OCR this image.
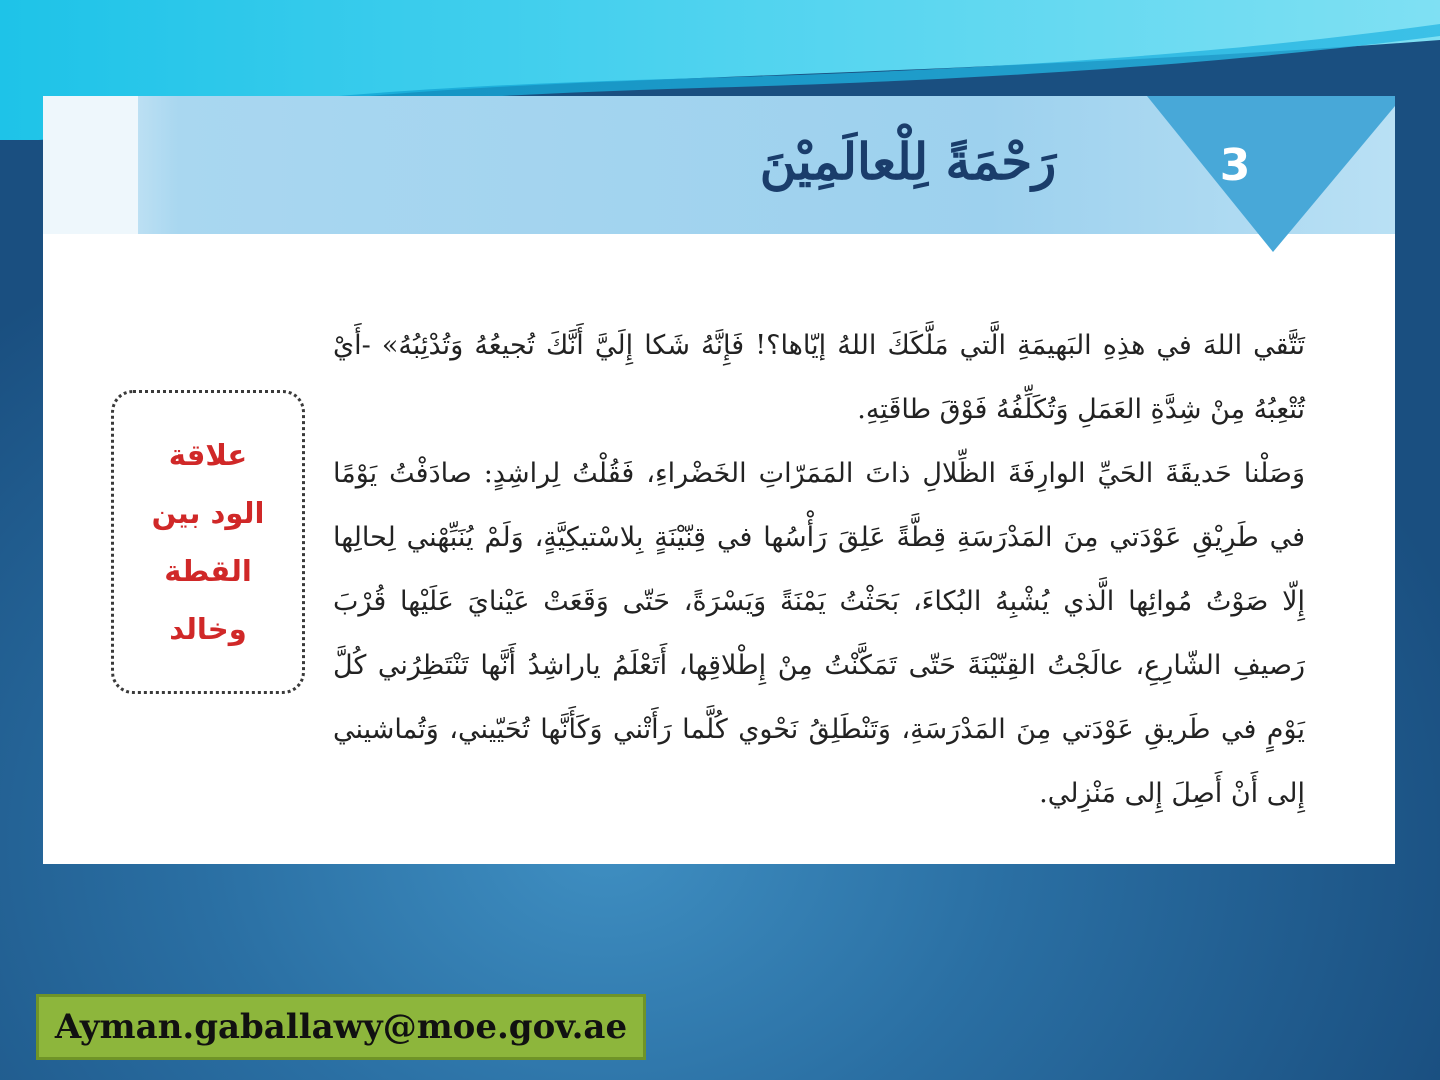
3
رَحْمَةً لِلْعالَمِيْنَ

تَتَّقي اللهَ في هذِهِ البَهيمَةِ الَّتي مَلَّكَكَ اللهُ إيّاها؟! فَإِنَّهُ شَكا إِلَيَّ أَنَّكَ تُجيعُهُ وَتُدْئِبُهُ» -أَيْ تُتْعِبُهُ مِنْ شِدَّةِ العَمَلِ وَتُكَلِّفُهُ فَوْقَ طاقَتِهِ.

وَصَلْنا حَديقَةَ الحَيِّ الوارِفَةَ الظِّلالِ ذاتَ المَمَرّاتِ الخَضْراءِ، فَقُلْتُ لِراشِدٍ: صادَفْتُ يَوْمًا في طَرِيْقِ عَوْدَتي مِنَ المَدْرَسَةِ قِطَّةً عَلِقَ رَأْسُها في قِنّيْنَةٍ بِلاسْتيكِيَّةٍ، وَلَمْ يُنَبِّهْني لِحالِها إِلّا صَوْتُ مُوائِها الَّذي يُشْبِهُ البُكاءَ، بَحَثْتُ يَمْنَةً وَيَسْرَةً، حَتّى وَقَعَتْ عَيْنايَ عَلَيْها قُرْبَ رَصيفِ الشّارِعِ، عالَجْتُ القِنّيْنَةَ حَتّى تَمَكَّنْتُ مِنْ إِطْلاقِها، أَتَعْلَمُ ياراشِدُ أَنَّها تَنْتَظِرُني كُلَّ يَوْمٍ في طَريقِ عَوْدَتي مِنَ المَدْرَسَةِ، وَتَنْطَلِقُ نَحْوي كُلَّما رَأَتْني وَكَأَنَّها تُحَيّيني، وَتُماشيني إِلى أَنْ أَصِلَ إِلى مَنْزِلي.

علاقة
الود بين
القطة
وخالد
Ayman.gaballawy@moe.gov.ae
